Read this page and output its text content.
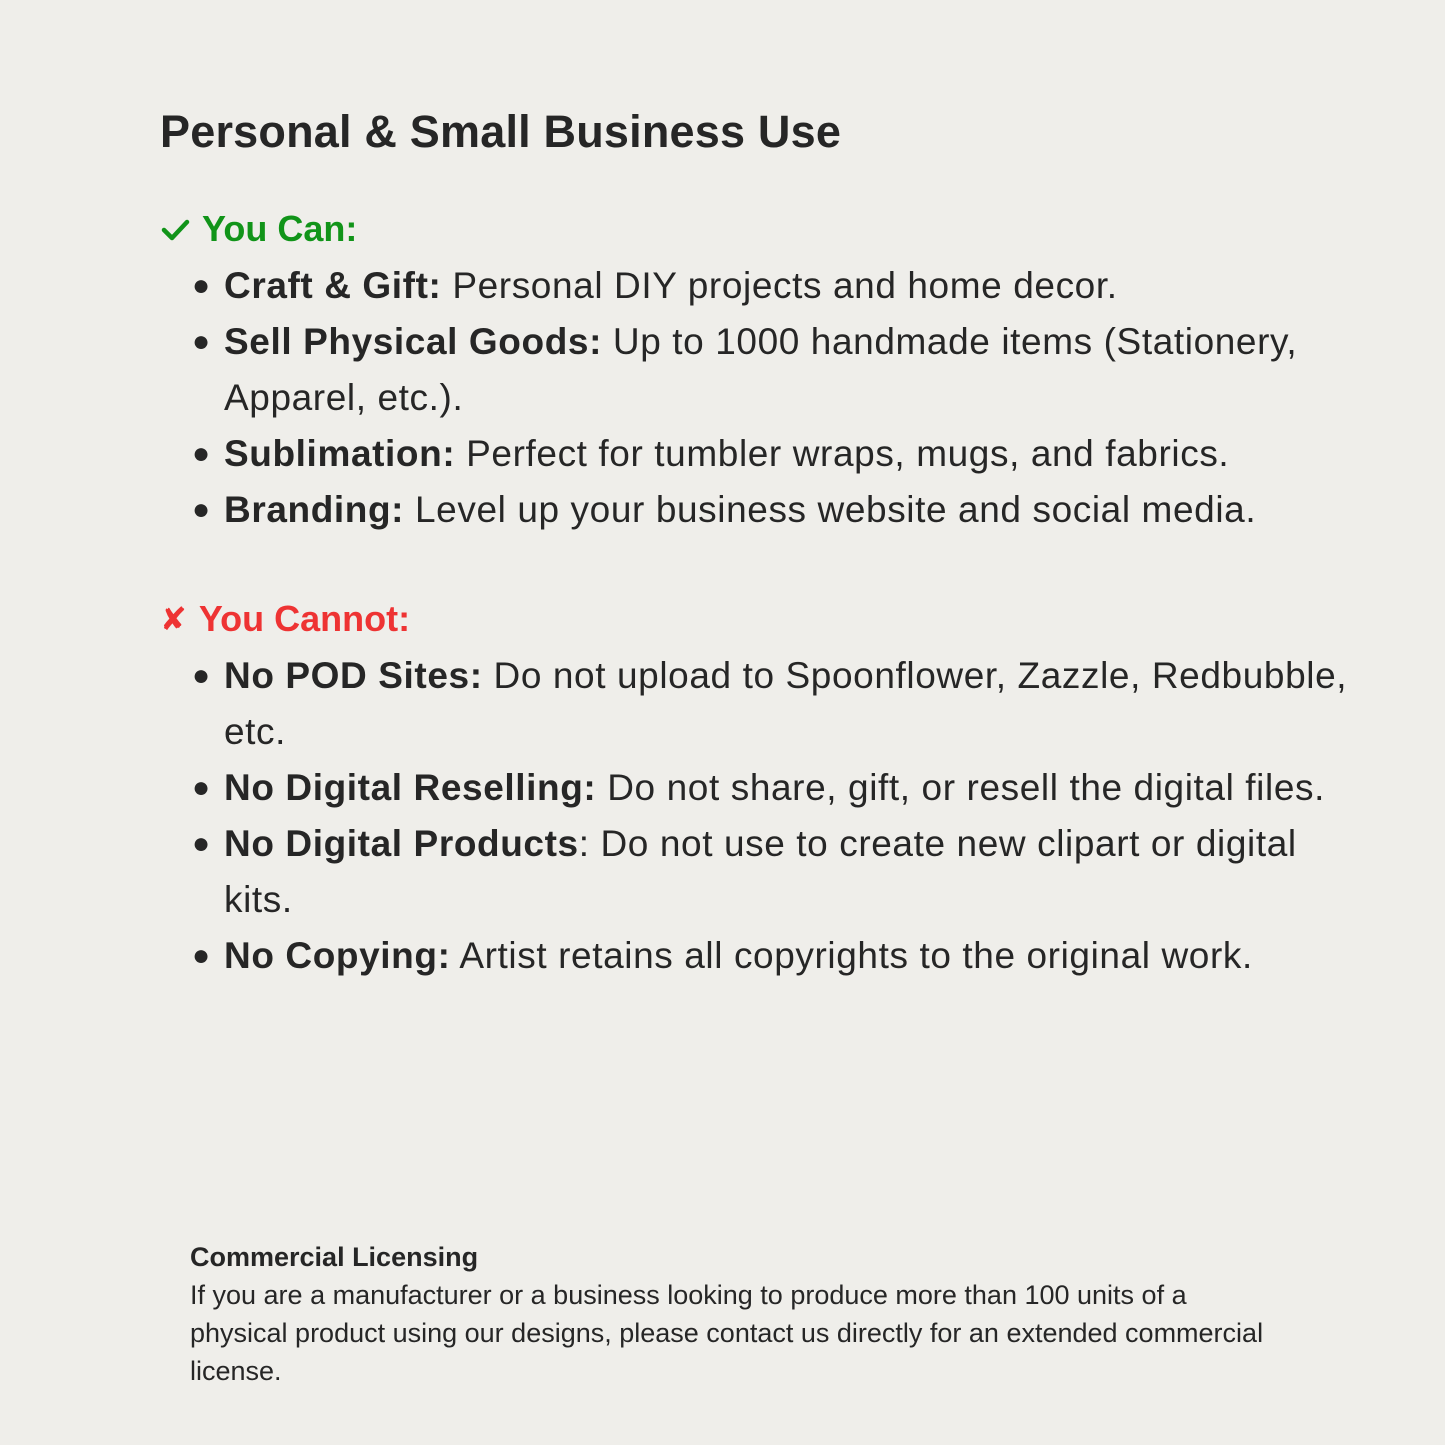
Personal & Small Business Use
You Can:
● Craft & Gift: Personal DIY projects and home decor.
● Sell Physical Goods: Up to 1000 handmade items (Stationery, Apparel, etc.).
● Sublimation: Perfect for tumbler wraps, mugs, and fabrics.
● Branding: Level up your business website and social media.
✘ You Cannot:
● No POD Sites: Do not upload to Spoonflower, Zazzle, Redbubble, etc.
● No Digital Reselling: Do not share, gift, or resell the digital files.
● No Digital Products: Do not use to create new clipart or digital kits.
● No Copying: Artist retains all copyrights to the original work.
Commercial Licensing
If you are a manufacturer or a business looking to produce more than 100 units of a physical product using our designs, please contact us directly for an extended commercial license.
